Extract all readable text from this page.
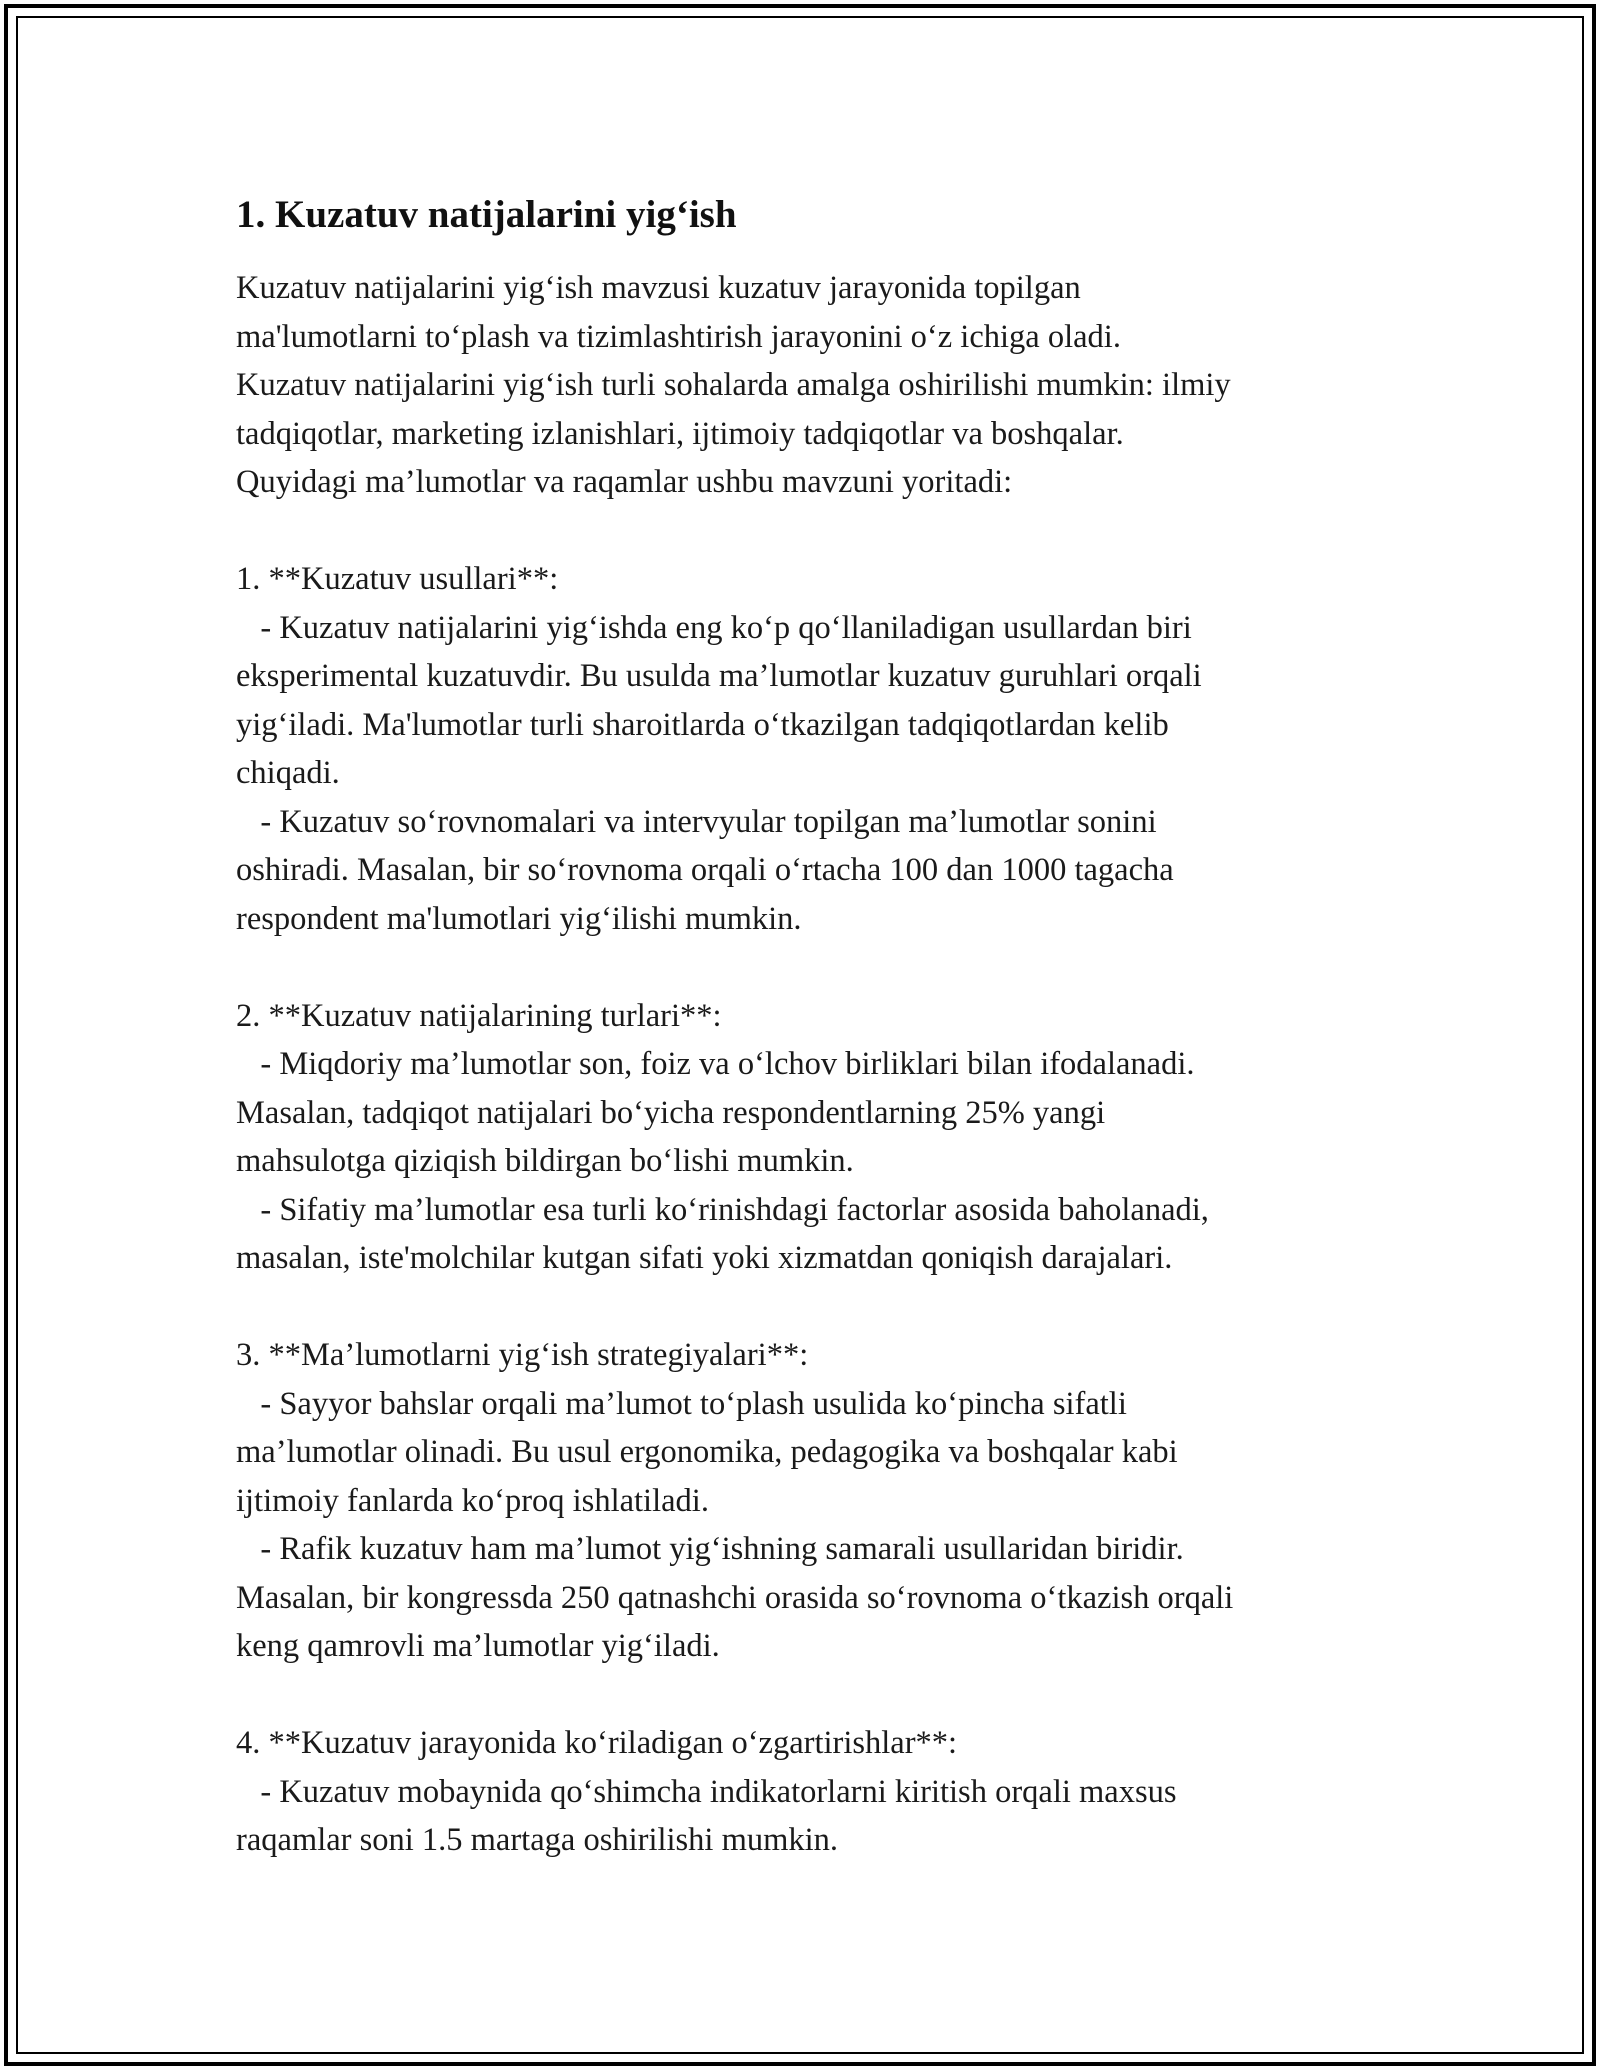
1. Kuzatuv natijalarini yig‘ish

Kuzatuv natijalarini yig‘ish mavzusi kuzatuv jarayonida topilgan
ma'lumotlarni to‘plash va tizimlashtirish jarayonini o‘z ichiga oladi.
Kuzatuv natijalarini yig‘ish turli sohalarda amalga oshirilishi mumkin: ilmiy
tadqiqotlar, marketing izlanishlari, ijtimoiy tadqiqotlar va boshqalar.
Quyidagi ma’lumotlar va raqamlar ushbu mavzuni yoritadi:

1. **Kuzatuv usullari**:

- Kuzatuv natijalarini yig‘ishda eng ko‘p qo‘llaniladigan usullardan biri
eksperimental kuzatuvdir. Bu usulda ma’lumotlar kuzatuv guruhlari orqali
yig‘iladi. Ma'lumotlar turli sharoitlarda o‘tkazilgan tadqiqotlardan kelib
chiqadi.

- Kuzatuv so‘rovnomalari va intervyular topilgan ma’lumotlar sonini
oshiradi. Masalan, bir so‘rovnoma orqali o‘rtacha 100 dan 1000 tagacha
respondent ma'lumotlari yig‘ilishi mumkin.

2. **Kuzatuv natijalarining turlari**:

- Miqdoriy ma’lumotlar son, foiz va o‘lchov birliklari bilan ifodalanadi.
Masalan, tadqiqot natijalari bo‘yicha respondentlarning 25% yangi
mahsulotga qiziqish bildirgan bo‘lishi mumkin.

- Sifatiy ma’lumotlar esa turli ko‘rinishdagi factorlar asosida baholanadi,
masalan, iste'molchilar kutgan sifati yoki xizmatdan qoniqish darajalari.

3. **Ma’lumotlarni yig‘ish strategiyalari**:

- Sayyor bahslar orqali ma’lumot to‘plash usulida ko‘pincha sifatli
ma’lumotlar olinadi. Bu usul ergonomika, pedagogika va boshqalar kabi
ijtimoiy fanlarda ko‘proq ishlatiladi.

- Rafik kuzatuv ham ma’lumot yig‘ishning samarali usullaridan biridir.
Masalan, bir kongressda 250 qatnashchi orasida so‘rovnoma o‘tkazish orqali
keng qamrovli ma’lumotlar yig‘iladi.

4. **Kuzatuv jarayonida ko‘riladigan o‘zgartirishlar**:

- Kuzatuv mobaynida qo‘shimcha indikatorlarni kiritish orqali maxsus
raqamlar soni 1.5 martaga oshirilishi mumkin.
